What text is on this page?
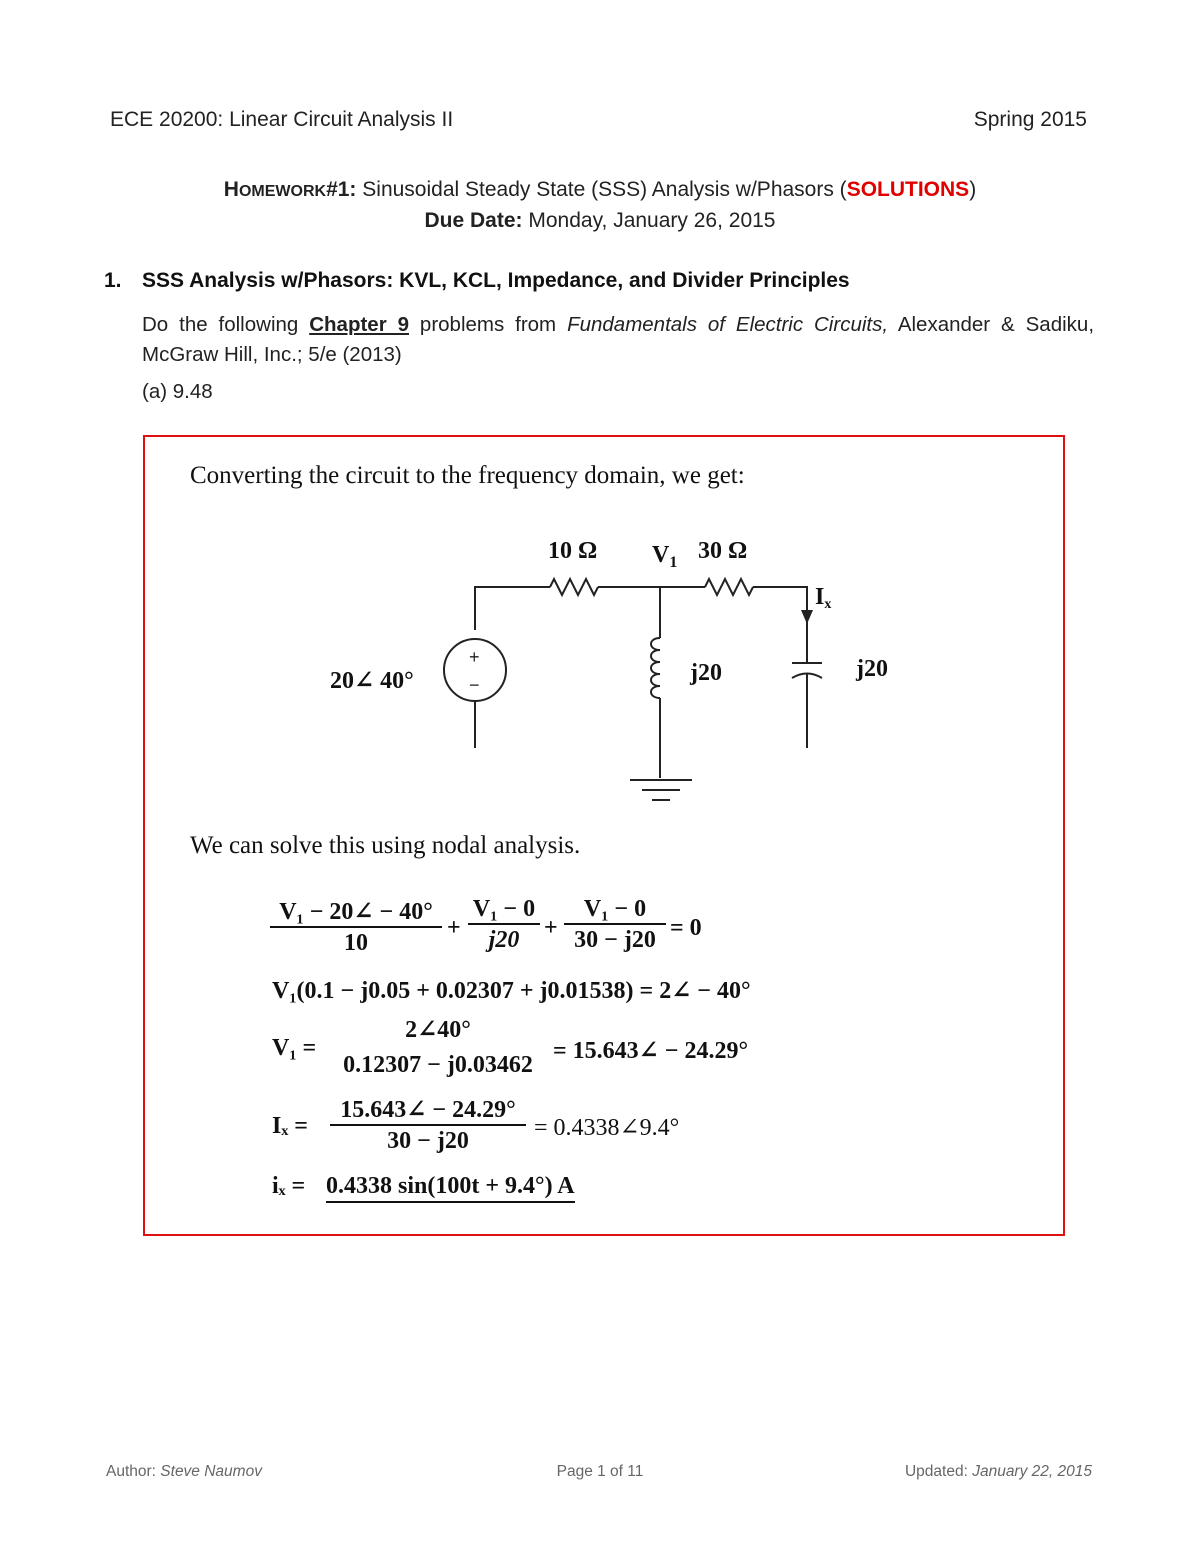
ECE 20200: Linear Circuit Analysis II	Spring 2015
HOMEWORK#1: Sinusoidal Steady State (SSS) Analysis w/Phasors (SOLUTIONS)
Due Date: Monday, January 26, 2015
1. SSS Analysis w/Phasors: KVL, KCL, Impedance, and Divider Principles
Do the following Chapter 9 problems from Fundamentals of Electric Circuits, Alexander & Sadiku, McGraw Hill, Inc.; 5/e (2013)
(a) 9.48
Converting the circuit to the frequency domain, we get:
10 Ω $V_1$ 30 Ω
Ix
20∠ 40°	j20	j20
+
−
We can solve this using nodal analysis.
$\frac{\text{V₁ − 20∠ − 40°}}{10} + \frac{\text{V₁ − 0}}{j20} + \frac{\text{V₁ − 0}}{30 - j20} = 0$
V₁(0.1 − j0.05 + 0.02307 + j0.01538) = 2∠ − 40°
V₁ =
2∠40°
0.12307 − j0.03462
= 15.643∠ − 24.29°
$I_x = \frac{15.643\angle - 24.29^\circ}{30 - j20}$ = 0.4338∠9.4°
iₓ = 0.4338 sin(100t + 9.4°) A
Author: Steve Naumov	Page 1 of 11	Updated: January 22, 2015
